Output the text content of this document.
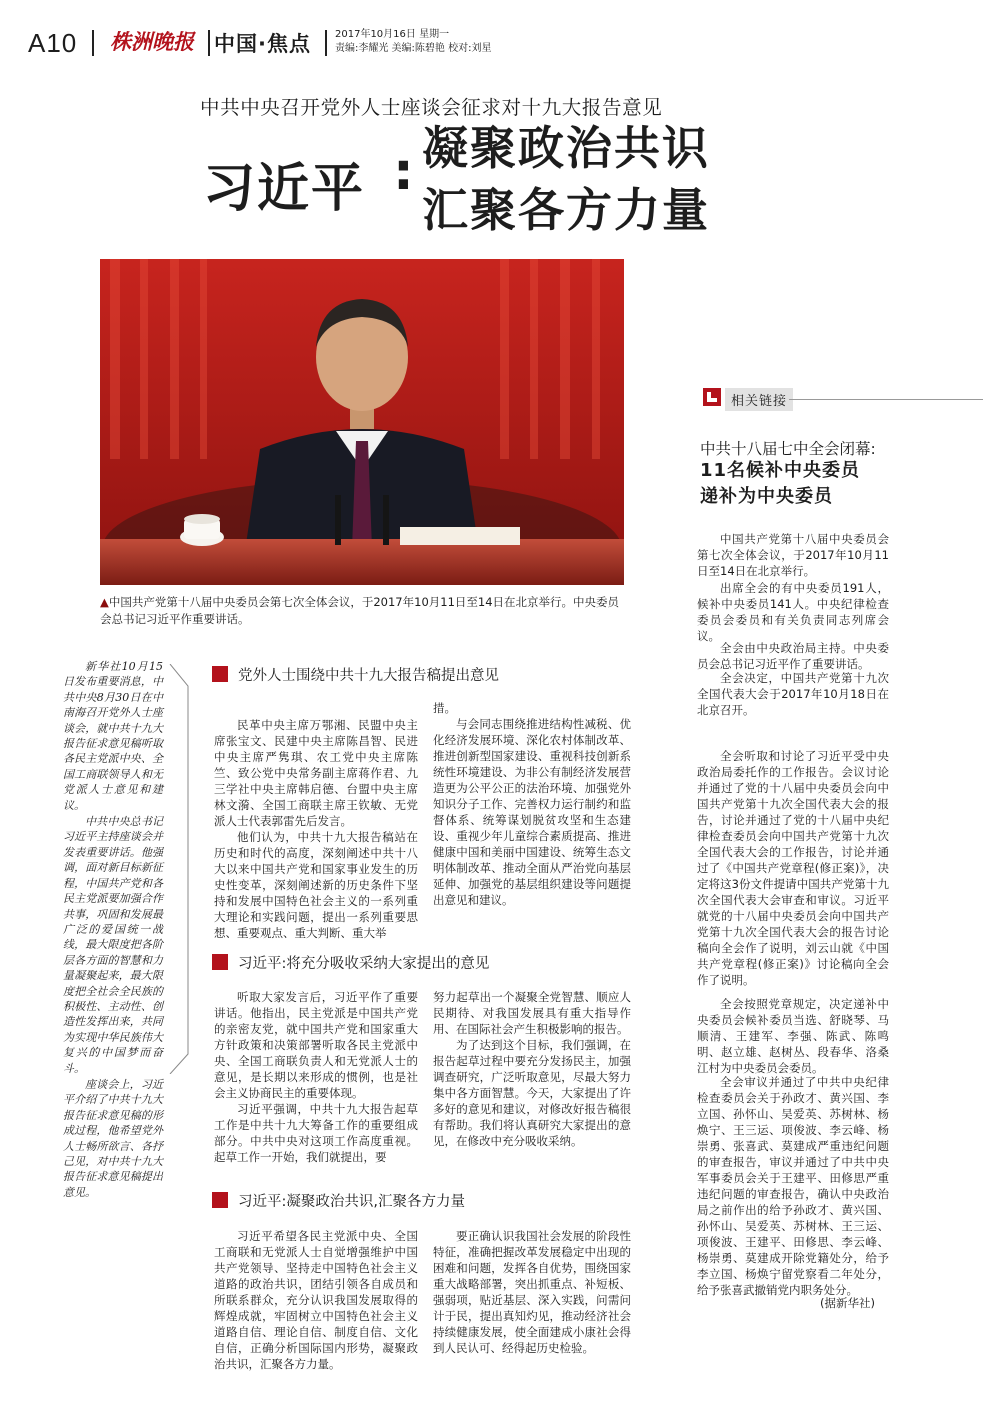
A10 株洲晚报 中国·焦点 2017年10月16日 星期一
责编:李耀光 美编:陈碧艳 校对:刘星
中共中央召开党外人士座谈会征求对十九大报告意见
习近平 : 凝聚政治共识
汇聚各方力量
▲中国共产党第十八届中央委员会第七次全体会议，于2017年10月11日至14日在北京举行。中央委员会总书记习近平作重要讲话。
相关链接
中共十八届七中全会闭幕:
11名候补中央委员
递补为中央委员

中国共产党第十八届中央委员会第七次全体会议，于2017年10月11日至14日在北京举行。

出席全会的有中央委员191人，候补中央委员141人。中央纪律检查委员会委员和有关负责同志列席会议。

全会由中央政治局主持。中央委员会总书记习近平作了重要讲话。

全会决定，中国共产党第十九次全国代表大会于2017年10月18日在北京召开。

全会听取和讨论了习近平受中央政治局委托作的工作报告。会议讨论并通过了党的十八届中央委员会向中国共产党第十九次全国代表大会的报告，讨论并通过了党的十八届中央纪律检查委员会向中国共产党第十九次全国代表大会的工作报告，讨论并通过了《中国共产党章程(修正案)》，决定将这3份文件提请中国共产党第十九次全国代表大会审查和审议。习近平就党的十八届中央委员会向中国共产党第十九次全国代表大会的报告讨论稿向全会作了说明，刘云山就《中国共产党章程(修正案)》讨论稿向全会作了说明。

全会按照党章规定，决定递补中央委员会候补委员当选、舒晓琴、马顺清、王建军、李强、陈武、陈鸣明、赵立雄、赵树丛、段春华、洛桑江村为中央委员会委员。

全会审议并通过了中共中央纪律检查委员会关于孙政才、黄兴国、李立国、孙怀山、吴爱英、苏树林、杨焕宁、王三运、项俊波、李云峰、杨崇勇、张喜武、莫建成严重违纪问题的审查报告，审议并通过了中共中央军事委员会关于王建平、田修思严重违纪问题的审查报告，确认中央政治局之前作出的给予孙政才、黄兴国、孙怀山、吴爱英、苏树林、王三运、项俊波、王建平、田修思、李云峰、杨崇勇、莫建成开除党籍处分，给予李立国、杨焕宁留党察看二年处分，给予张喜武撤销党内职务处分。

(据新华社)

新华社10月15日发布重要消息，中共中央8月30日在中南海召开党外人士座谈会，就中共十九大报告征求意见稿听取各民主党派中央、全国工商联领导人和无党派人士意见和建议。

中共中央总书记习近平主持座谈会并发表重要讲话。他强调，面对新目标新征程，中国共产党和各民主党派要加强合作共事，巩固和发展最广泛的爱国统一战线，最大限度把各阶层各方面的智慧和力量凝聚起来，最大限度把全社会全民族的积极性、主动性、创造性发挥出来，共同为实现中华民族伟大复兴的中国梦而奋斗。

座谈会上，习近平介绍了中共十九大报告征求意见稿的形成过程，他希望党外人士畅所欲言、各抒己见，对中共十九大报告征求意见稿提出意见。

党外人士围绕中共十九大报告稿提出意见

民革中央主席万鄂湘、民盟中央主席张宝文、民建中央主席陈昌智、民进中央主席严隽琪、农工党中央主席陈竺、致公党中央常务副主席蒋作君、九三学社中央主席韩启德、台盟中央主席林文漪、全国工商联主席王钦敏、无党派人士代表郭雷先后发言。

他们认为，中共十九大报告稿站在历史和时代的高度，深刻阐述中共十八大以来中国共产党和国家事业发生的历史性变革，深刻阐述新的历史条件下坚持和发展中国特色社会主义的一系列重大理论和实践问题，提出一系列重要思想、重要观点、重大判断、重大举

措。

与会同志围绕推进结构性减税、优化经济发展环境、深化农村体制改革、推进创新型国家建设、重视科技创新系统性环境建设、为非公有制经济发展营造更为公平公正的法治环境、加强党外知识分子工作、完善权力运行制约和监督体系、统筹谋划脱贫攻坚和生态建设、重视少年儿童综合素质提高、推进健康中国和美丽中国建设、统筹生态文明体制改革、推动全面从严治党向基层延伸、加强党的基层组织建设等问题提出意见和建议。

习近平:将充分吸收采纳大家提出的意见

听取大家发言后，习近平作了重要讲话。他指出，民主党派是中国共产党的亲密友党，就中国共产党和国家重大方针政策和决策部署听取各民主党派中央、全国工商联负责人和无党派人士的意见，是长期以来形成的惯例，也是社会主义协商民主的重要体现。

习近平强调，中共十九大报告起草工作是中共十九大筹备工作的重要组成部分。中共中央对这项工作高度重视。起草工作一开始，我们就提出，要

努力起草出一个凝聚全党智慧、顺应人民期待、对我国发展具有重大指导作用、在国际社会产生积极影响的报告。

为了达到这个目标，我们强调，在报告起草过程中要充分发扬民主，加强调查研究，广泛听取意见，尽最大努力集中各方面智慧。今天，大家提出了许多好的意见和建议，对修改好报告稿很有帮助。我们将认真研究大家提出的意见，在修改中充分吸收采纳。

习近平:凝聚政治共识,汇聚各方力量

习近平希望各民主党派中央、全国工商联和无党派人士自觉增强维护中国共产党领导、坚持走中国特色社会主义道路的政治共识，团结引领各自成员和所联系群众，充分认识我国发展取得的辉煌成就，牢固树立中国特色社会主义道路自信、理论自信、制度自信、文化自信，正确分析国际国内形势，凝聚政治共识，汇聚各方力量。

要正确认识我国社会发展的阶段性特征，准确把握改革发展稳定中出现的困难和问题，发挥各自优势，围绕国家重大战略部署，突出抓重点、补短板、强弱项，贴近基层、深入实践，问需问计于民，提出真知灼见，推动经济社会持续健康发展，使全面建成小康社会得到人民认可、经得起历史检验。
